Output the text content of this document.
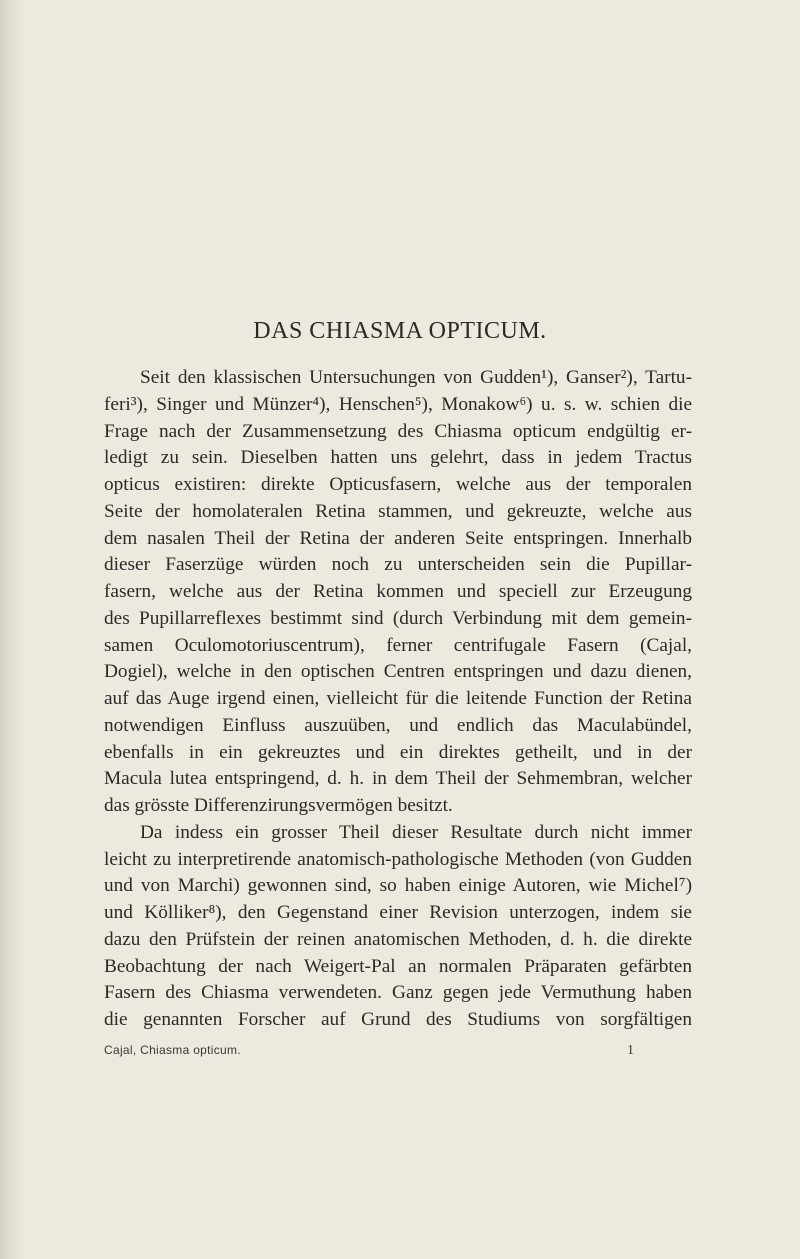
DAS CHIASMA OPTICUM.
Seit den klassischen Untersuchungen von Gudden¹), Ganser²), Tartu-
feri³), Singer und Münzer⁴), Henschen⁵), Monakow⁶) u. s. w. schien die
Frage nach der Zusammensetzung des Chiasma opticum endgültig er-
ledigt zu sein. Dieselben hatten uns gelehrt, dass in jedem Tractus
opticus existiren: direkte Opticusfasern, welche aus der temporalen
Seite der homolateralen Retina stammen, und gekreuzte, welche aus
dem nasalen Theil der Retina der anderen Seite entspringen. Innerhalb
dieser Faserzüge würden noch zu unterscheiden sein die Pupillar-
fasern, welche aus der Retina kommen und speciell zur Erzeugung
des Pupillarreflexes bestimmt sind (durch Verbindung mit dem gemein-
samen Oculomotoriuscentrum), ferner centrifugale Fasern (Cajal,
Dogiel), welche in den optischen Centren entspringen und dazu dienen,
auf das Auge irgend einen, vielleicht für die leitende Function der Retina
notwendigen Einfluss auszuüben, und endlich das Maculabündel,
ebenfalls in ein gekreuztes und ein direktes getheilt, und in der
Macula lutea entspringend, d. h. in dem Theil der Sehmembran, welcher
das grösste Differenzirungsvermögen besitzt.
Da indess ein grosser Theil dieser Resultate durch nicht immer
leicht zu interpretirende anatomisch-pathologische Methoden (von Gudden
und von Marchi) gewonnen sind, so haben einige Autoren, wie Michel⁷)
und Kölliker⁸), den Gegenstand einer Revision unterzogen, indem sie
dazu den Prüfstein der reinen anatomischen Methoden, d. h. die direkte
Beobachtung der nach Weigert-Pal an normalen Präparaten gefärbten
Fasern des Chiasma verwendeten. Ganz gegen jede Vermuthung haben
die genannten Forscher auf Grund des Studiums von sorgfältigen
Cajal, Chiasma opticum.	1
